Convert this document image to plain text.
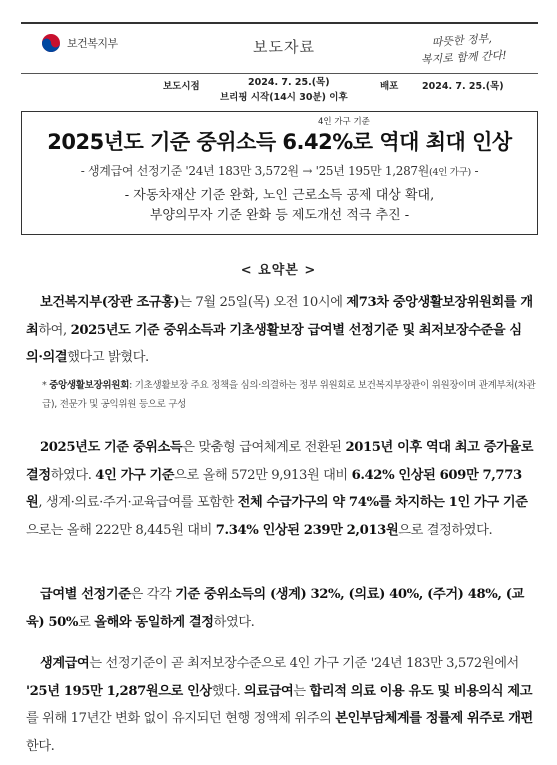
보건복지부	보도자료	따뜻한 정부,
복지로 함께 간다!
보도시점	2024. 7. 25.(목)
브리핑 시작(14시 30분) 이후
배포 2024. 7. 25.(목)
4인 가구 기준
2025년도 기준 중위소득 6.42%로 역대 최대 인상
- 생계급여 선정기준 '24년 183만 3,572원 → '25년 195만 1,287원(4인 가구) -
- 자동차재산 기준 완화, 노인 근로소득 공제 대상 확대,
부양의무자 기준 완화 등 제도개선 적극 추진 -
< 요약본 >
보건복지부(장관 조규홍)는 7월 25일(목) 오전 10시에 제73차 중앙생활보장위원회를 개최하여, 2025년도 기준 중위소득과 기초생활보장 급여별 선정기준 및 최저보장수준을 심의·의결했다고 밝혔다.
* 중앙생활보장위원회: 기초생활보장 주요 정책을 심의·의결하는 정부 위원회로 보건복지부장관이 위원장이며 관계부처(차관급), 전문가 및 공익위원 등으로 구성
2025년도 기준 중위소득은 맞춤형 급여체계로 전환된 2015년 이후 역대 최고 증가율로 결정하였다. 4인 가구 기준으로 올해 572만 9,913원 대비 6.42% 인상된 609만 7,773원, 생계·의료·주거·교육급여를 포함한 전체 수급가구의 약 74%를 차지하는 1인 가구 기준으로는 올해 222만 8,445원 대비 7.34% 인상된 239만 2,013원으로 결정하였다.
급여별 선정기준은 각각 기준 중위소득의 (생계) 32%, (의료) 40%, (주거) 48%, (교육) 50%로 올해와 동일하게 결정하였다.
생계급여는 선정기준이 곧 최저보장수준으로 4인 가구 기준 '24년 183만 3,572원에서 '25년 195만 1,287원으로 인상했다. 의료급여는 합리적 의료 이용 유도 및 비용의식 제고를 위해 17년간 변화 없이 유지되던 현행 정액제 위주의 본인부담체계를 정률제 위주로 개편한다.
